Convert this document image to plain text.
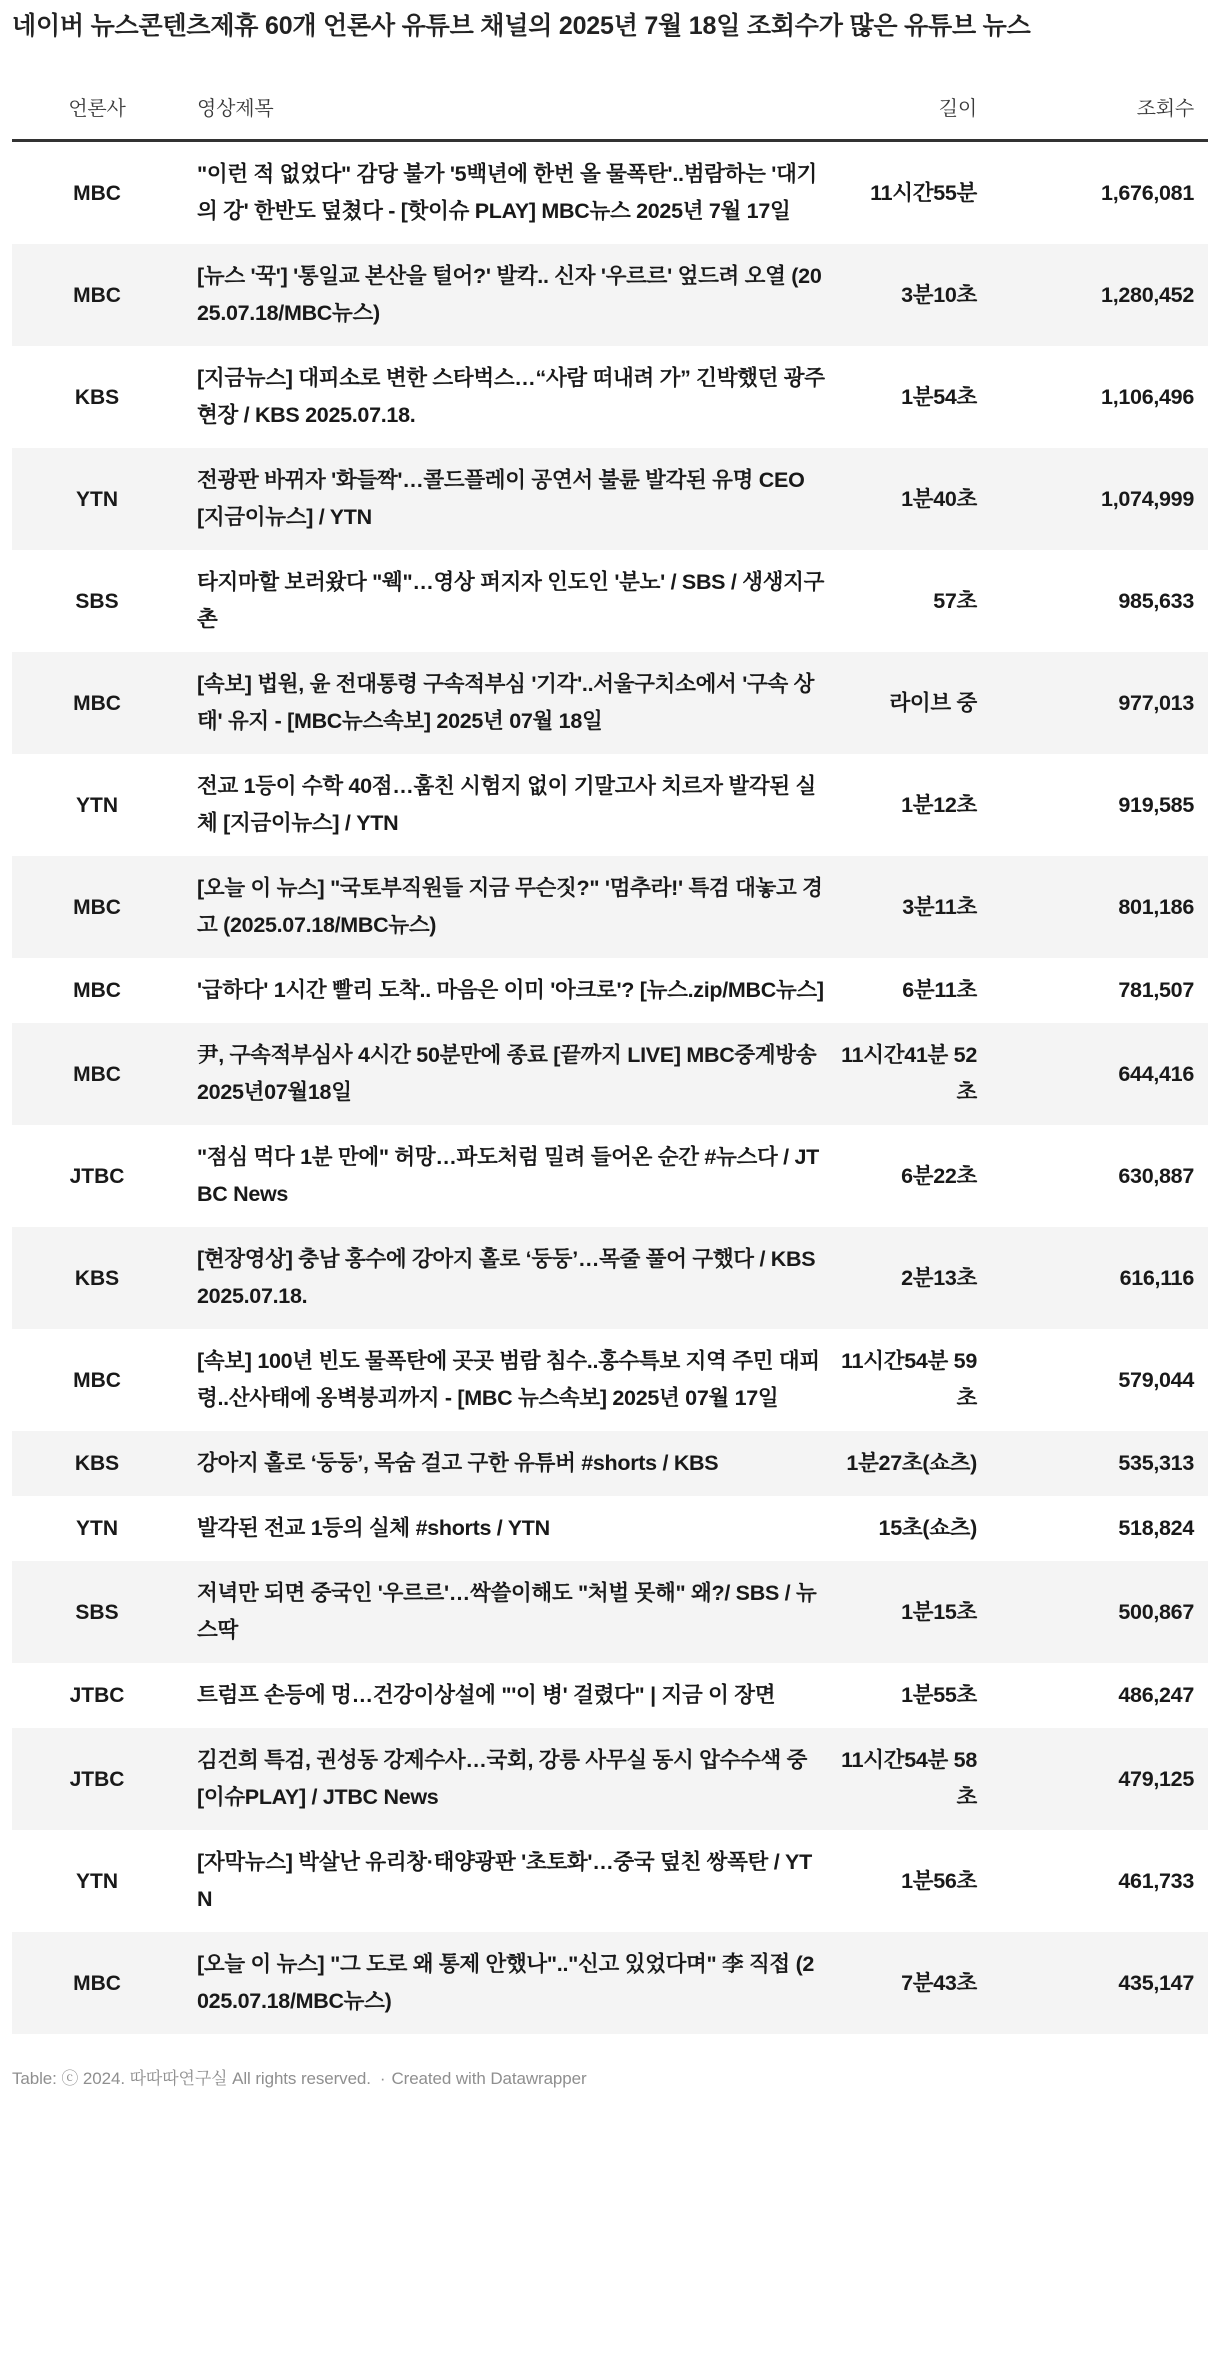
네이버 뉴스콘텐츠제휴 60개 언론사 유튜브 채널의 2025년 7월 18일 조회수가 많은 유튜브 뉴스
언론사	영상제목	길이	조회수
MBC	"이런 적 없었다" 감당 불가 '5백년에 한번 올 물폭탄'..범람하는 '대기의 강' 한반도 덮쳤다 - [핫이슈 PLAY] MBC뉴스 2025년 7월 17일	11시간55분	1,676,081
MBC	[뉴스 '꾹'] '통일교 본산을 털어?' 발칵.. 신자 '우르르' 엎드려 오열 (2025.07.18/MBC뉴스)	3분10초	1,280,452
KBS	[지금뉴스] 대피소로 변한 스타벅스…“사람 떠내려 가” 긴박했던 광주 현장 / KBS 2025.07.18.	1분54초	1,106,496
YTN	전광판 바뀌자 '화들짝'…콜드플레이 공연서 불륜 발각된 유명 CEO [지금이뉴스] / YTN	1분40초	1,074,999
SBS	타지마할 보러왔다 "웩"…영상 퍼지자 인도인 '분노' / SBS / 생생지구촌	57초	985,633
MBC	[속보] 법원, 윤 전대통령 구속적부심 '기각'..서울구치소에서 '구속 상태' 유지 - [MBC뉴스속보] 2025년 07월 18일	라이브 중	977,013
YTN	전교 1등이 수학 40점…훔친 시험지 없이 기말고사 치르자 발각된 실체 [지금이뉴스] / YTN	1분12초	919,585
MBC	[오늘 이 뉴스] "국토부직원들 지금 무슨짓?" '멈추라!' 특검 대놓고 경고 (2025.07.18/MBC뉴스)	3분11초	801,186
MBC	'급하다' 1시간 빨리 도착.. 마음은 이미 '아크로'? [뉴스.zip/MBC뉴스]	6분11초	781,507
MBC	尹, 구속적부심사 4시간 50분만에 종료 [끝까지 LIVE] MBC중계방송 2025년07월18일	11시간41분 52초	644,416
JTBC	"점심 먹다 1분 만에" 허망…파도처럼 밀려 들어온 순간 #뉴스다 / JTBC News	6분22초	630,887
KBS	[현장영상] 충남 홍수에 강아지 홀로 ‘둥둥’…목줄 풀어 구했다 / KBS 2025.07.18.	2분13초	616,116
MBC	[속보] 100년 빈도 물폭탄에 곳곳 범람 침수..홍수특보 지역 주민 대피령..산사태에 옹벽붕괴까지 - [MBC 뉴스속보] 2025년 07월 17일	11시간54분 59초	579,044
KBS	강아지 홀로 ‘둥둥’, 목숨 걸고 구한 유튜버 #shorts / KBS	1분27초(쇼츠)	535,313
YTN	발각된 전교 1등의 실체 #shorts / YTN	15초(쇼츠)	518,824
SBS	저녁만 되면 중국인 '우르르'…싹쓸이해도 "처벌 못해" 왜?/ SBS / 뉴스딱	1분15초	500,867
JTBC	트럼프 손등에 멍…건강이상설에 "'이 병' 걸렸다" | 지금 이 장면	1분55초	486,247
JTBC	김건희 특검, 권성동 강제수사…국회, 강릉 사무실 동시 압수수색 중 [이슈PLAY] / JTBC News	11시간54분 58초	479,125
YTN	[자막뉴스] 박살난 유리창·태양광판 '초토화'…중국 덮친 쌍폭탄 / YTN	1분56초	461,733
MBC	[오늘 이 뉴스] "그 도로 왜 통제 안했나".."신고 있었다며" 李 직접 (2025.07.18/MBC뉴스)	7분43초	435,147
Table: ⓒ 2024. 따따따연구실 All rights reserved. · Created with Datawrapper
